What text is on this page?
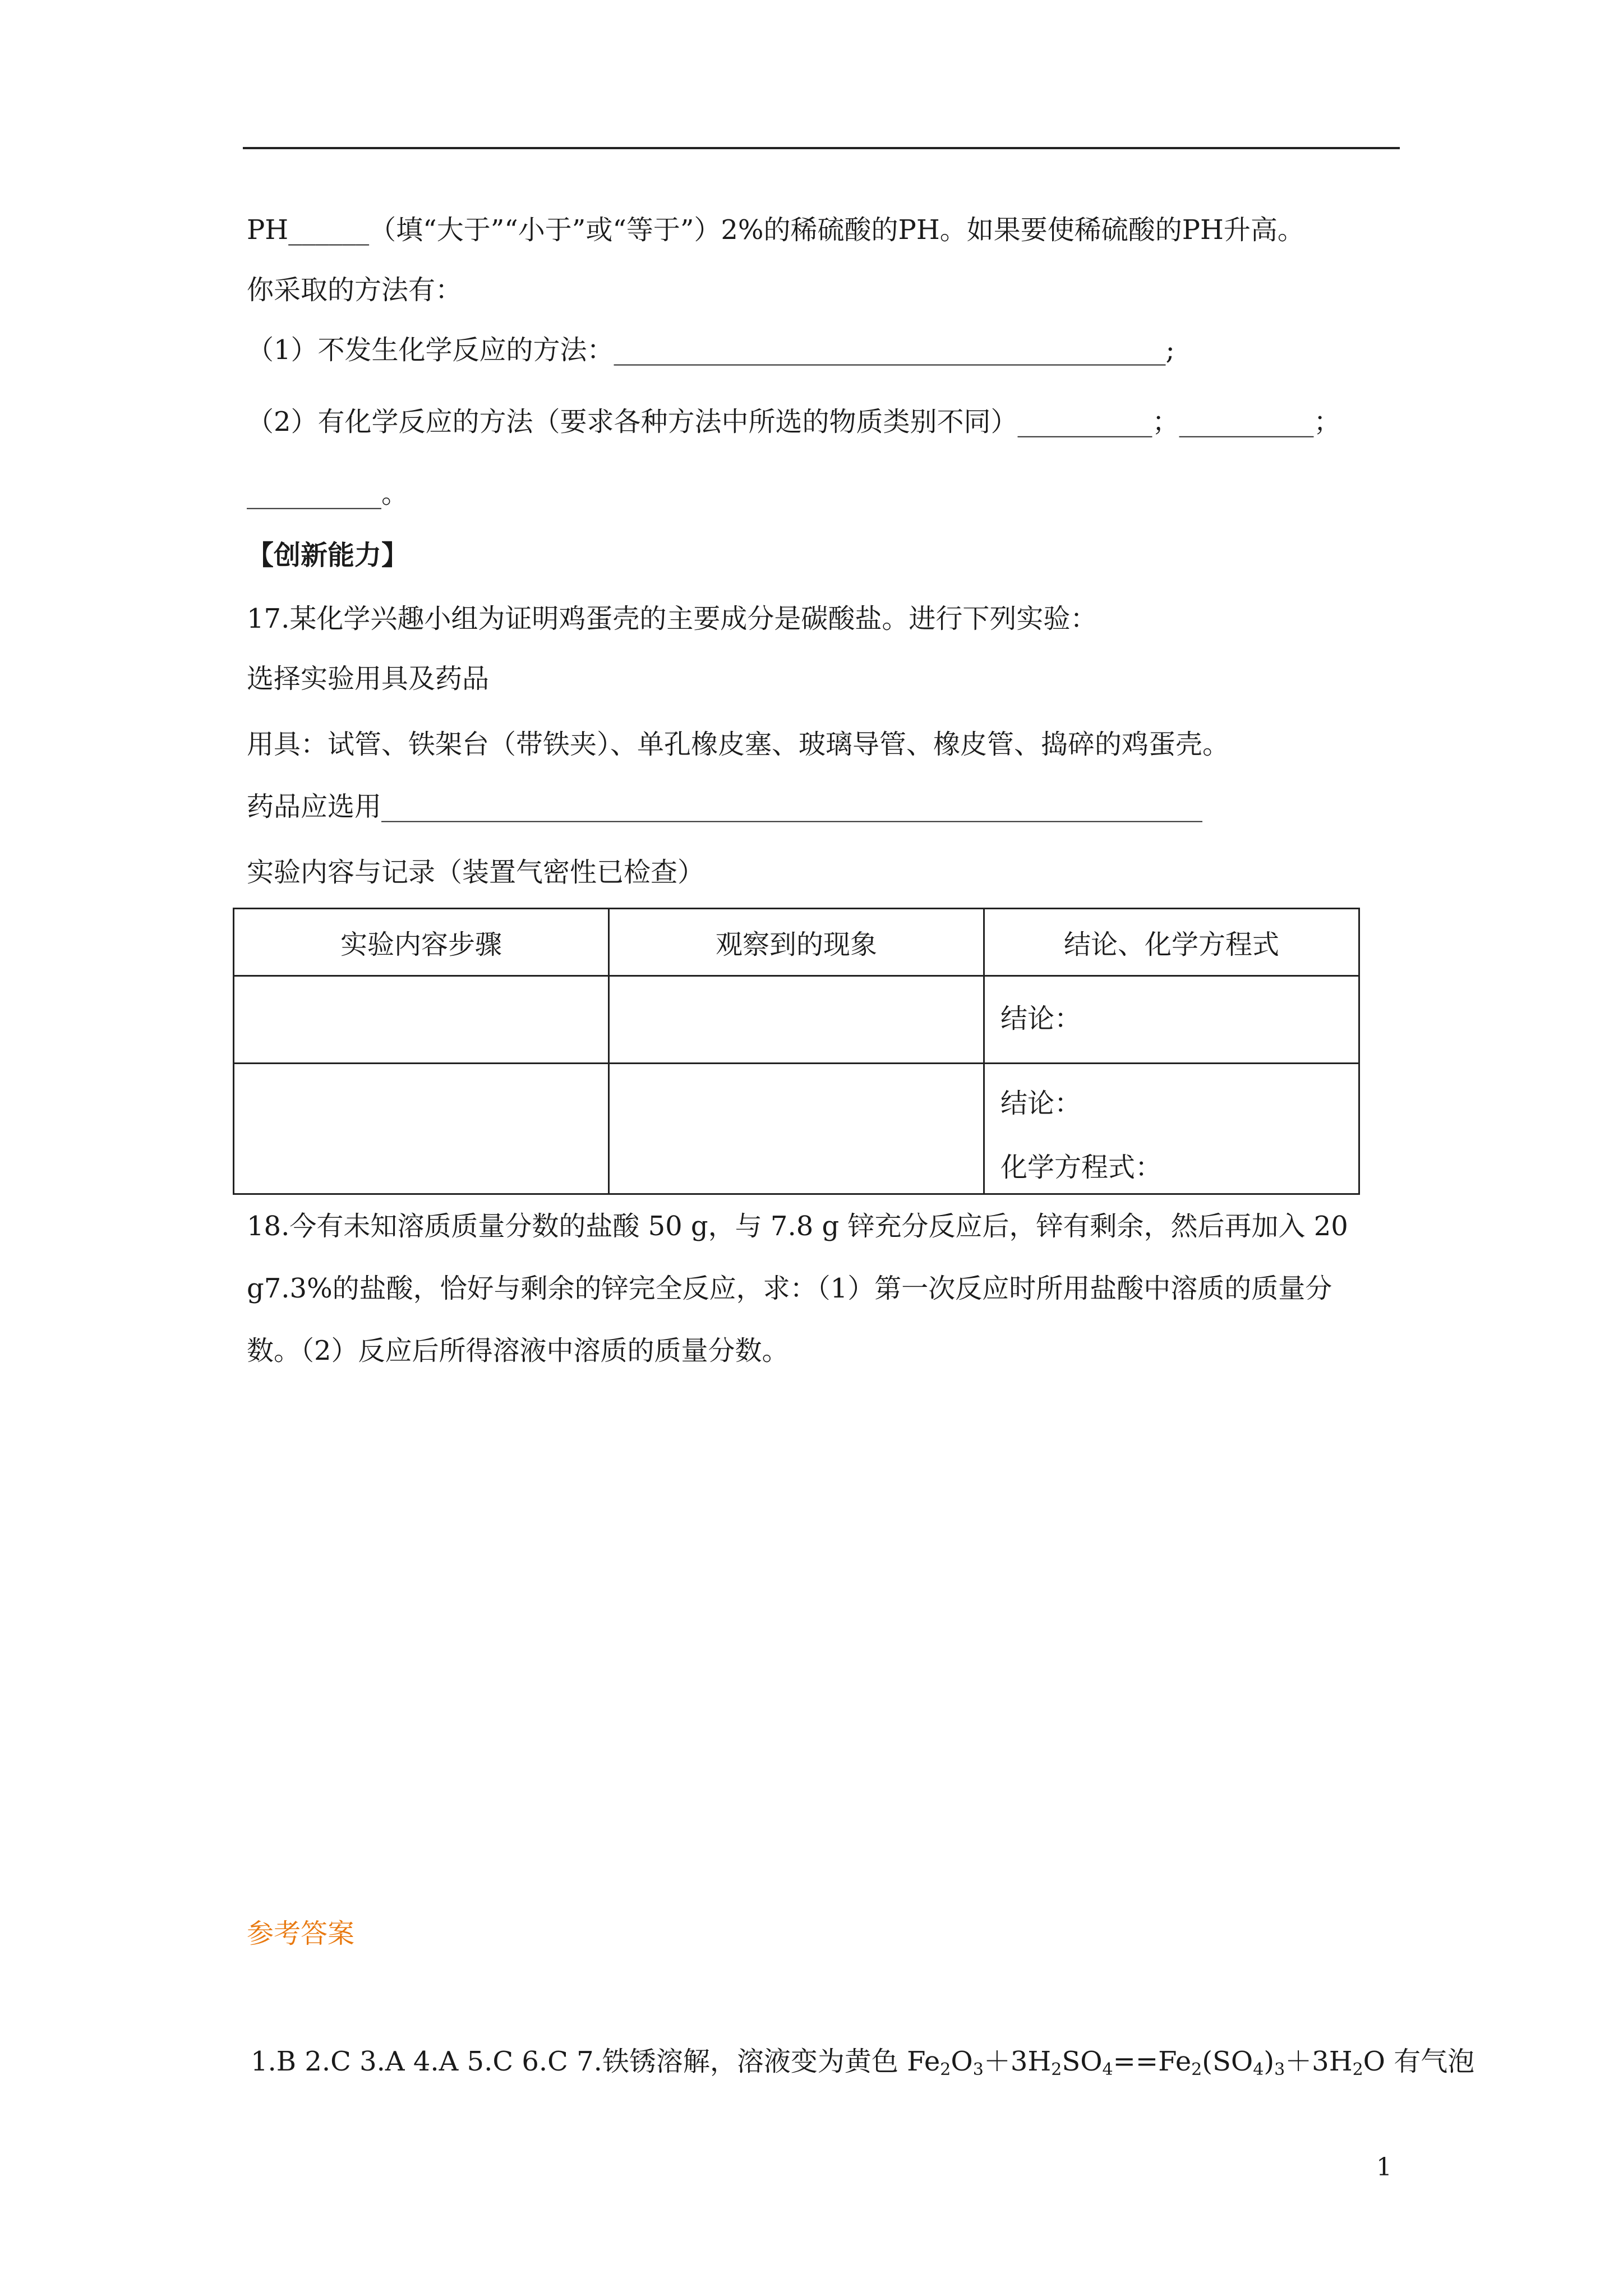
PH______（填“大于”“小于”或“等于”）2%的稀硫酸的PH。如果要使稀硫酸的PH升高。
你采取的方法有：
（1）不发生化学反应的方法：_________________________________________;
（2）有化学反应的方法（要求各种方法中所选的物质类别不同）__________；__________；
__________。
【创新能力】
17.某化学兴趣小组为证明鸡蛋壳的主要成分是碳酸盐。进行下列实验：
选择实验用具及药品
用具：试管、铁架台（带铁夹）、单孔橡皮塞、玻璃导管、橡皮管、捣碎的鸡蛋壳。
药品应选用_____________________________________________________________
实验内容与记录（装置气密性已检查）
实验内容步骤	观察到的现象	结论、化学方程式

		结论：

		结论：
化学方程式：
18.今有未知溶质质量分数的盐酸 50 g，与 7.8 g 锌充分反应后，锌有剩余，然后再加入 20
g7.3%的盐酸，恰好与剩余的锌完全反应，求：（1）第一次反应时所用盐酸中溶质的质量分
数。（2）反应后所得溶液中溶质的质量分数。
参考答案
1.B 2.C 3.A 4.A 5.C 6.C 7.铁锈溶解，溶液变为黄色 $Fe_2O_3+3H_2SO_4==Fe_2(SO_4)_3+3H_2O$ 有气泡
1
